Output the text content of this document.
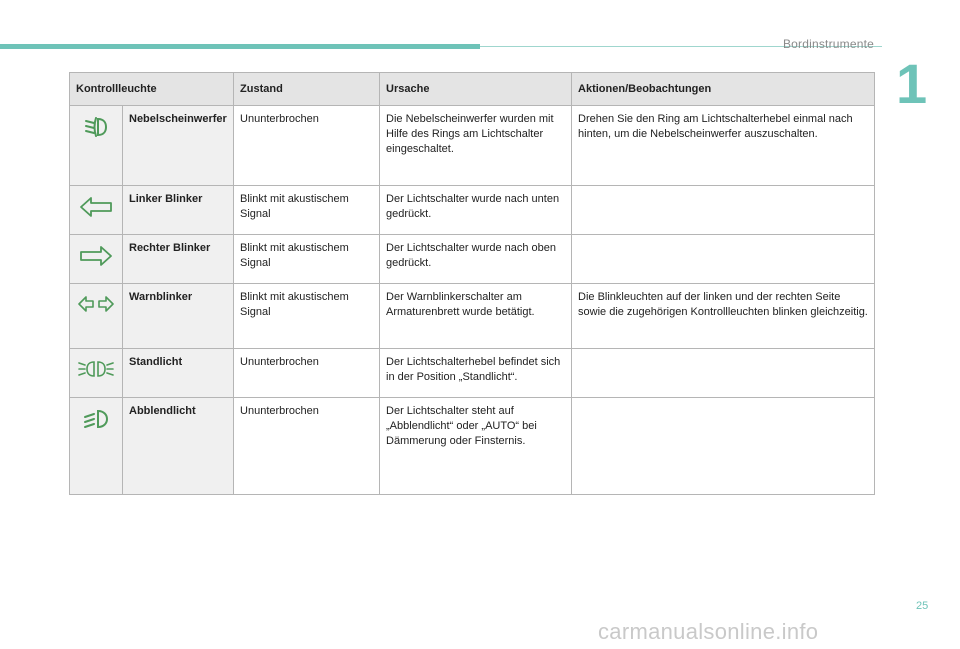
Bordinstrumente
1
Kontrollleuchte		Zustand	Ursache	Aktionen/Beobachtungen

	Nebelscheinwerfer	Ununterbrochen	Die Nebelscheinwerfer wurden mit Hilfe des Rings am Lichtschalter eingeschaltet.	Drehen Sie den Ring am Lichtschalterhebel einmal nach hinten, um die Nebelscheinwerfer auszuschalten.

	Linker Blinker	Blinkt mit akustischem Signal	Der Lichtschalter wurde nach unten gedrückt.	

	Rechter Blinker	Blinkt mit akustischem Signal	Der Lichtschalter wurde nach oben gedrückt.	

	Warnblinker	Blinkt mit akustischem Signal	Der Warnblinkerschalter am Armaturenbrett wurde betätigt.	Die Blinkleuchten auf der linken und der rechten Seite sowie die zugehörigen Kontrollleuchten blinken gleichzeitig.

	Standlicht	Ununterbrochen	Der Lichtschalterhebel befindet sich in der Position „Standlicht“.	

	Abblendlicht	Ununterbrochen	Der Lichtschalter steht auf „Abblendlicht“ oder „AUTO“ bei Dämmerung oder Finsternis.	
25
carmanualsonline.info
